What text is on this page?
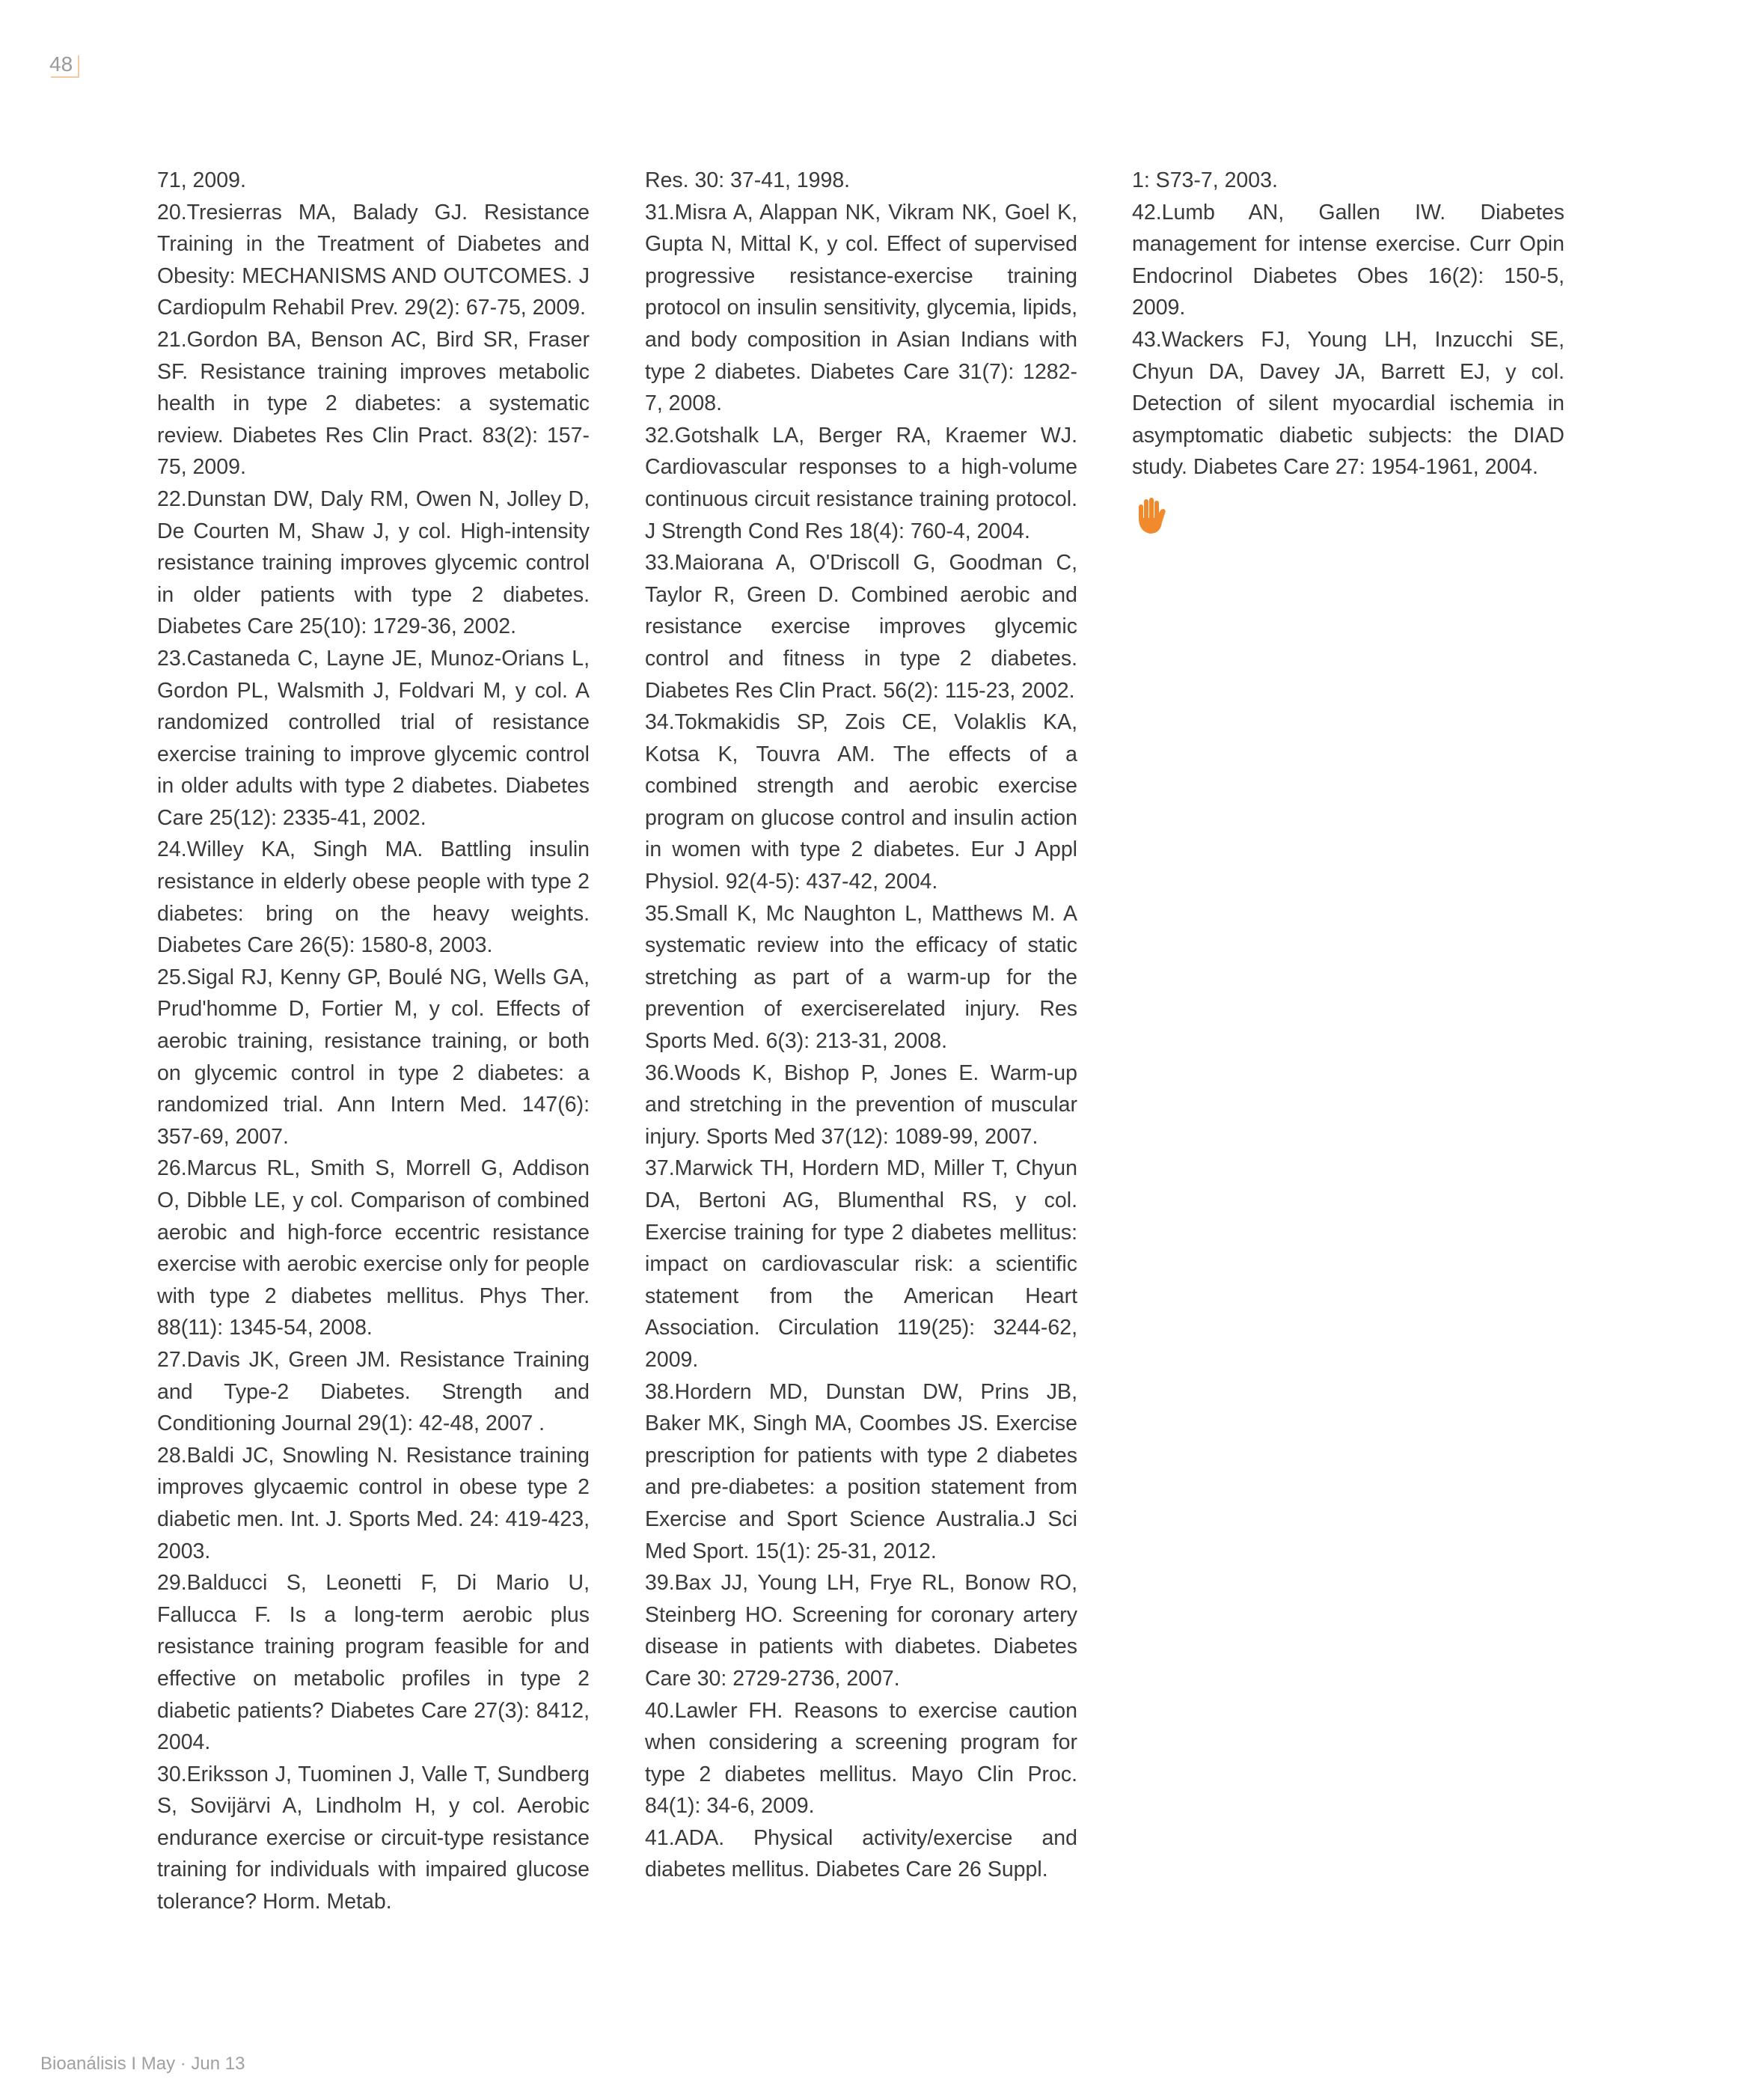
48

71, 2009.

20.Tresierras MA, Balady GJ. Resistance Training in the Treatment of Diabetes and Obesity: MECHANISMS AND OUTCOMES. J Cardiopulm Rehabil Prev. 29(2): 67-75, 2009.

21.Gordon BA, Benson AC, Bird SR, Fraser SF. Resistance training improves metabolic health in type 2 diabetes: a systematic review. Diabetes Res Clin Pract. 83(2): 157-75, 2009.

22.Dunstan DW, Daly RM, Owen N, Jolley D, De Courten M, Shaw J, y col. High-intensity resistance training improves glycemic control in older patients with type 2 diabetes. Diabetes Care 25(10): 1729-36, 2002.

23.Castaneda C, Layne JE, Munoz-Orians L, Gordon PL, Walsmith J, Foldvari M, y col. A randomized controlled trial of resistance exercise training to improve glycemic control in older adults with type 2 diabetes. Diabetes Care 25(12): 2335-41, 2002.

24.Willey KA, Singh MA. Battling insulin resistance in elderly obese people with type 2 diabetes: bring on the heavy weights. Diabetes Care 26(5): 1580-8, 2003.

25.Sigal RJ, Kenny GP, Boulé NG, Wells GA, Prud'homme D, Fortier M, y col. Effects of aerobic training, resistance training, or both on glycemic control in type 2 diabetes: a randomized trial. Ann Intern Med. 147(6): 357-69, 2007.

26.Marcus RL, Smith S, Morrell G, Addison O, Dibble LE, y col. Comparison of combined aerobic and high-force eccentric resistance exercise with aerobic exercise only for people with type 2 diabetes mellitus. Phys Ther. 88(11): 1345-54, 2008.

27.Davis JK, Green JM. Resistance Training and Type-2 Diabetes. Strength and Conditioning Journal 29(1): 42-48, 2007 .

28.Baldi JC, Snowling N. Resistance training improves glycaemic control in obese type 2 diabetic men. Int. J. Sports Med. 24: 419-423, 2003.

29.Balducci S, Leonetti F, Di Mario U, Fallucca F. Is a long-term aerobic plus resistance training program feasible for and effective on metabolic profiles in type 2 diabetic patients? Diabetes Care 27(3): 8412, 2004.

30.Eriksson J, Tuominen J, Valle T, Sundberg S, Sovijärvi A, Lindholm H, y col. Aerobic endurance exercise or circuit-type resistance training for individuals with impaired glucose tolerance? Horm. Metab.

Res. 30: 37-41, 1998.

31.Misra A, Alappan NK, Vikram NK, Goel K, Gupta N, Mittal K, y col. Effect of supervised progressive resistance-exercise training protocol on insulin sensitivity, glycemia, lipids, and body composition in Asian Indians with type 2 diabetes. Diabetes Care 31(7): 1282-7, 2008.

32.Gotshalk LA, Berger RA, Kraemer WJ. Cardiovascular responses to a high-volume continuous circuit resistance training protocol. J Strength Cond Res 18(4): 760-4, 2004.

33.Maiorana A, O'Driscoll G, Goodman C, Taylor R, Green D. Combined aerobic and resistance exercise improves glycemic control and fitness in type 2 diabetes. Diabetes Res Clin Pract. 56(2): 115-23, 2002.

34.Tokmakidis SP, Zois CE, Volaklis KA, Kotsa K, Touvra AM. The effects of a combined strength and aerobic exercise program on glucose control and insulin action in women with type 2 diabetes. Eur J Appl Physiol. 92(4-5): 437-42, 2004.

35.Small K, Mc Naughton L, Matthews M. A systematic review into the efficacy of static stretching as part of a warm-up for the prevention of exerciserelated injury. Res Sports Med. 6(3): 213-31, 2008.

36.Woods K, Bishop P, Jones E. Warm-up and stretching in the prevention of muscular injury. Sports Med 37(12): 1089-99, 2007.

37.Marwick TH, Hordern MD, Miller T, Chyun DA, Bertoni AG, Blumenthal RS, y col. Exercise training for type 2 diabetes mellitus: impact on cardiovascular risk: a scientific statement from the American Heart Association. Circulation 119(25): 3244-62, 2009.

38.Hordern MD, Dunstan DW, Prins JB, Baker MK, Singh MA, Coombes JS. Exercise prescription for patients with type 2 diabetes and pre-diabetes: a position statement from Exercise and Sport Science Australia.J Sci Med Sport. 15(1): 25-31, 2012.

39.Bax JJ, Young LH, Frye RL, Bonow RO, Steinberg HO. Screening for coronary artery disease in patients with diabetes. Diabetes Care 30: 2729-2736, 2007.

40.Lawler FH. Reasons to exercise caution when considering a screening program for type 2 diabetes mellitus. Mayo Clin Proc. 84(1): 34-6, 2009.

41.ADA. Physical activity/exercise and diabetes mellitus. Diabetes Care 26 Suppl.

1: S73-7, 2003.

42.Lumb AN, Gallen IW. Diabetes management for intense exercise. Curr Opin Endocrinol Diabetes Obes 16(2): 150-5, 2009.

43.Wackers FJ, Young LH, Inzucchi SE, Chyun DA, Davey JA, Barrett EJ, y col. Detection of silent myocardial ischemia in asymptomatic diabetic subjects: the DIAD study. Diabetes Care 27: 1954-1961, 2004.

Bioanálisis I May · Jun 13
